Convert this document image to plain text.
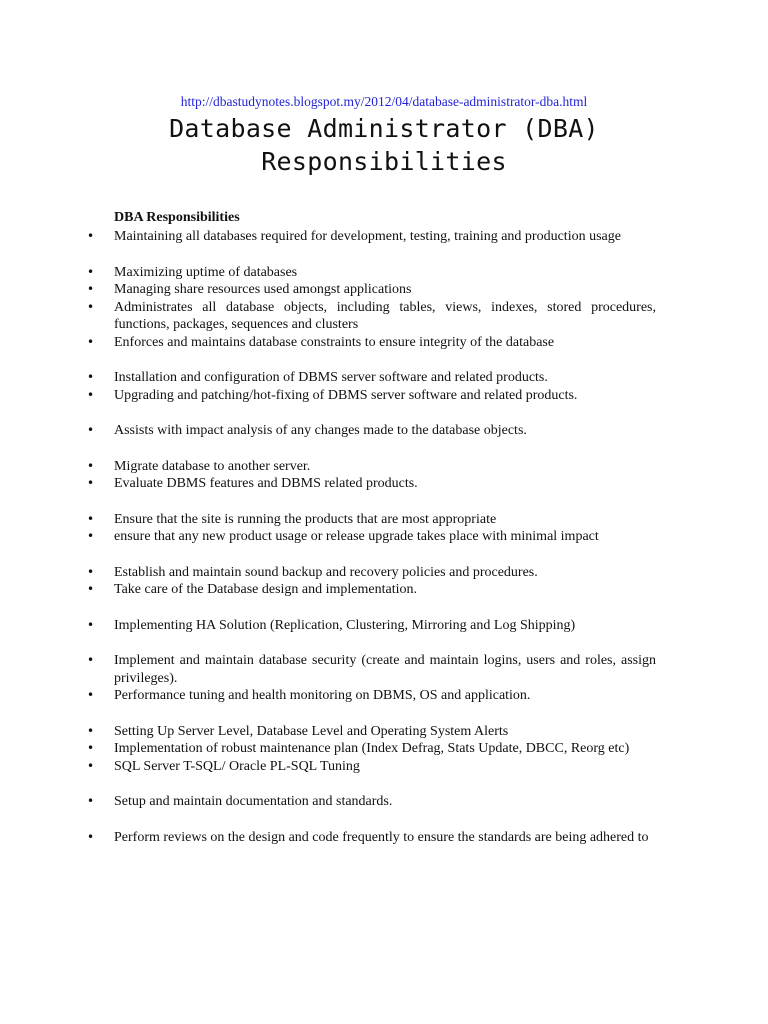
http://dbastudynotes.blogspot.my/2012/04/database-administrator-dba.html
Database Administrator (DBA)
Responsibilities
DBA Responsibilities
• Maintaining all databases required for development, testing, training and production usage
• Maximizing uptime of databases
• Managing share resources used amongst applications
• Administrates all database objects, including tables, views, indexes, stored procedures, functions, packages, sequences and clusters
• Enforces and maintains database constraints to ensure integrity of the database
• Installation and configuration of DBMS server software and related products.
• Upgrading and patching/hot-fixing of DBMS server software and related products.
• Assists with impact analysis of any changes made to the database objects.
• Migrate database to another server.
• Evaluate DBMS features and DBMS related products.
• Ensure that the site is running the products that are most appropriate
• ensure that any new product usage or release upgrade takes place with minimal impact
• Establish and maintain sound backup and recovery policies and procedures.
• Take care of the Database design and implementation.
• Implementing HA Solution (Replication, Clustering, Mirroring and Log Shipping)
• Implement and maintain database security (create and maintain logins, users and roles, assign privileges).
• Performance tuning and health monitoring on DBMS, OS and application.
• Setting Up Server Level, Database Level and Operating System Alerts
• Implementation of robust maintenance plan (Index Defrag, Stats Update, DBCC, Reorg etc)
• SQL Server T-SQL/ Oracle PL-SQL Tuning
• Setup and maintain documentation and standards.
• Perform reviews on the design and code frequently to ensure the standards are being adhered to
